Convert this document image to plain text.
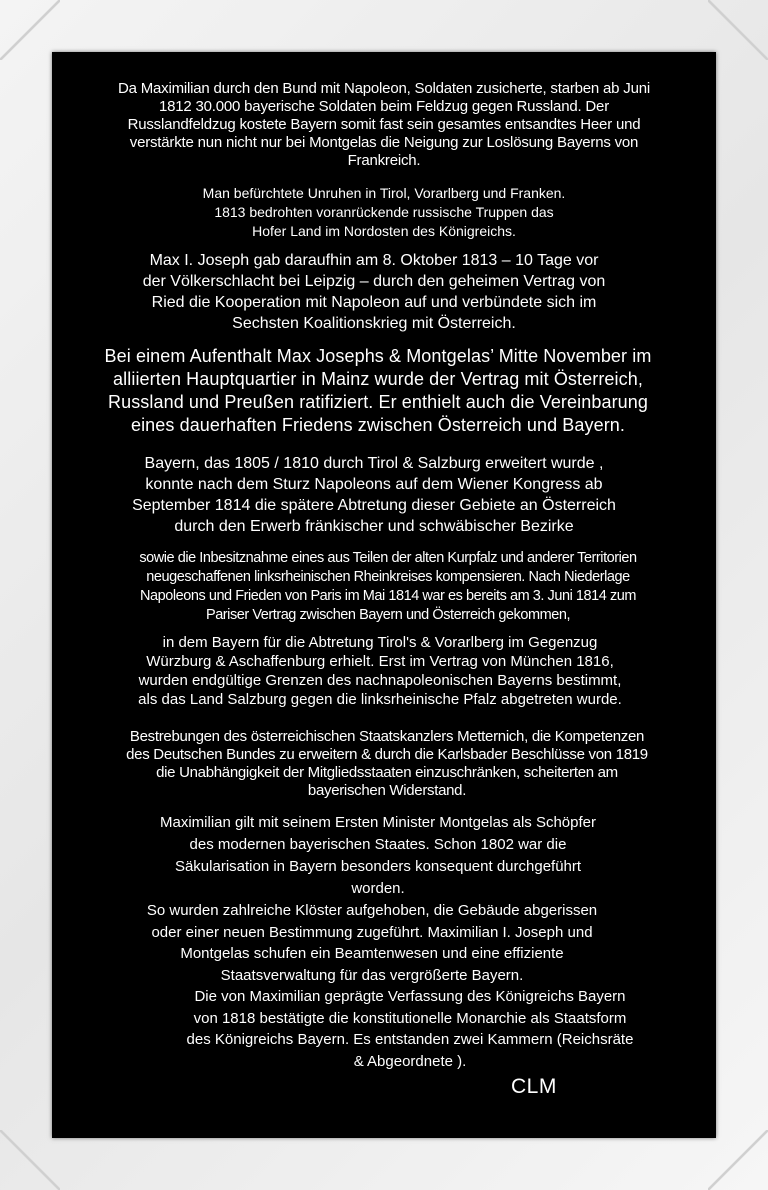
Da Maximilian durch den Bund mit Napoleon, Soldaten zusicherte, starben ab Juni
1812 30.000 bayerische Soldaten beim Feldzug gegen Russland. Der
Russlandfeldzug kostete Bayern somit fast sein gesamtes entsandtes Heer und
verstärkte nun nicht nur bei Montgelas die Neigung zur Loslösung Bayerns von
Frankreich.
Man befürchtete Unruhen in Tirol, Vorarlberg und Franken.
1813 bedrohten voranrückende russische Truppen das
Hofer Land im Nordosten des Königreichs.
Max I. Joseph gab daraufhin am 8. Oktober 1813 – 10 Tage vor
der Völkerschlacht bei Leipzig – durch den geheimen Vertrag von
Ried die Kooperation mit Napoleon auf und verbündete sich im
Sechsten Koalitionskrieg mit Österreich.
Bei einem Aufenthalt Max Josephs & Montgelas’ Mitte November im
alliierten Hauptquartier in Mainz wurde der Vertrag mit Österreich,
Russland und Preußen ratifiziert. Er enthielt auch die Vereinbarung
eines dauerhaften Friedens zwischen Österreich und Bayern.
Bayern, das 1805 / 1810 durch Tirol & Salzburg erweitert wurde ,
konnte nach dem Sturz Napoleons auf dem Wiener Kongress ab
September 1814 die spätere Abtretung dieser Gebiete an Österreich
durch den Erwerb fränkischer und schwäbischer Bezirke
sowie die Inbesitznahme eines aus Teilen der alten Kurpfalz und anderer Territorien
neugeschaffenen linksrheinischen Rheinkreises kompensieren. Nach Niederlage
Napoleons und Frieden von Paris im Mai 1814 war es bereits am 3. Juni 1814 zum
Pariser Vertrag zwischen Bayern und Österreich gekommen,
in dem Bayern für die Abtretung Tirol's & Vorarlberg im Gegenzug
Würzburg & Aschaffenburg erhielt. Erst im Vertrag von München 1816,
wurden endgültige Grenzen des nachnapoleonischen Bayerns bestimmt,
als das Land Salzburg gegen die linksrheinische Pfalz abgetreten wurde.
Bestrebungen des österreichischen Staatskanzlers Metternich, die Kompetenzen
des Deutschen Bundes zu erweitern & durch die Karlsbader Beschlüsse von 1819
die Unabhängigkeit der Mitgliedsstaaten einzuschränken, scheiterten am
bayerischen Widerstand.
Maximilian gilt mit seinem Ersten Minister Montgelas als Schöpfer
des modernen bayerischen Staates. Schon 1802 war die
Säkularisation in Bayern besonders konsequent durchgeführt
worden.
So wurden zahlreiche Klöster aufgehoben, die Gebäude abgerissen
oder einer neuen Bestimmung zugeführt. Maximilian I. Joseph und
Montgelas schufen ein Beamtenwesen und eine effiziente
Staatsverwaltung für das vergrößerte Bayern.
Die von Maximilian geprägte Verfassung des Königreichs Bayern
von 1818 bestätigte die konstitutionelle Monarchie als Staatsform
des Königreichs Bayern. Es entstanden zwei Kammern (Reichsräte
& Abgeordnete ).
CLM
